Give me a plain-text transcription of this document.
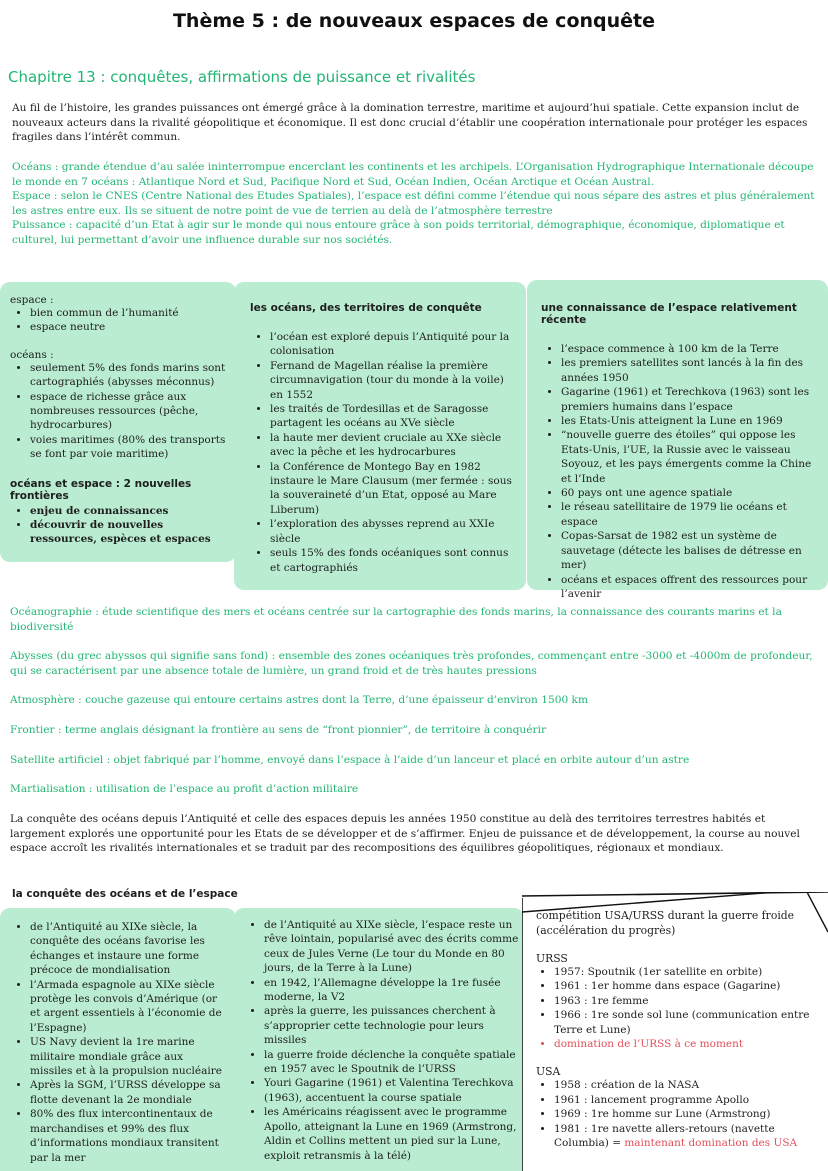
Thème 5 : de nouveaux espaces de conquête
Chapitre 13 : conquêtes, affirmations de puissance et rivalités
Au fil de l’histoire, les grandes puissances ont émergé grâce à la domination terrestre, maritime et aujourd’hui spatiale. Cette expansion inclut de nouveaux acteurs dans la rivalité géopolitique et économique. Il est donc crucial d’établir une coopération internationale pour protéger les espaces fragiles dans l’intérêt commun.
Océans : grande étendue d’au salée ininterrompue encerclant les continents et les archipels. L’Organisation Hydrographique Internationale découpe le monde en 7 océans : Atlantique Nord et Sud, Pacifique Nord et Sud, Océan Indien, Océan Arctique et Océan Austral.
Espace : selon le CNES (Centre National des Etudes Spatiales), l’espace est défini comme l’étendue qui nous sépare des astres et plus généralement les astres entre eux. Ils se situent de notre point de vue de terrien au delà de l’atmosphère terrestre
Puissance : capacité d’un Etat à agir sur le monde qui nous entoure grâce à son poids territorial, démographique, économique, diplomatique et culturel, lui permettant d’avoir une influence durable sur nos sociétés.
espace :
• bien commun de l’humanité
• espace neutre
océans :
• seulement 5% des fonds marins sont cartographiés (abysses méconnus)
• espace de richesse grâce aux nombreuses ressources (pêche, hydrocarbures)
• voies maritimes (80% des transports se font par voie maritime)
océans et espace : 2 nouvelles frontières
• enjeu de connaissances
• découvrir de nouvelles ressources, espèces et espaces
les océans, des territoires de conquête
• l’océan est exploré depuis l’Antiquité pour la colonisation
• Fernand de Magellan réalise la première circumnavigation (tour du monde à la voile) en 1552
• les traités de Tordesillas et de Saragosse partagent les océans au XVe siècle
• la haute mer devient cruciale au XXe siècle avec la pêche et les hydrocarbures
• la Conférence de Montego Bay en 1982 instaure le Mare Clausum (mer fermée : sous la souveraineté d’un Etat, opposé au Mare Liberum)
• l’exploration des abysses reprend au XXIe siècle
• seuls 15% des fonds océaniques sont connus et cartographiés
une connaissance de l’espace relativement récente
• l’espace commence à 100 km de la Terre
• les premiers satellites sont lancés à la fin des années 1950
• Gagarine (1961) et Terechkova (1963) sont les premiers humains dans l’espace
• les Etats-Unis atteignent la Lune en 1969
• “nouvelle guerre des étoiles” qui oppose les Etats-Unis, l’UE, la Russie avec le vaisseau Soyouz, et les pays émergents comme la Chine et l’Inde
• 60 pays ont une agence spatiale
• le réseau satellitaire de 1979 lie océans et espace
• Copas-Sarsat de 1982 est un système de sauvetage (détecte les balises de détresse en mer)
• océans et espaces offrent des ressources pour l’avenir
Océanographie : étude scientifique des mers et océans centrée sur la cartographie des fonds marins, la connaissance des courants marins et la biodiversité
Abysses (du grec abyssos qui signifie sans fond) : ensemble des zones océaniques très profondes, commençant entre -3000 et -4000m de profondeur, qui se caractérisent par une absence totale de lumière, un grand froid et de très hautes pressions
Atmosphère : couche gazeuse qui entoure certains astres dont la Terre, d’une épaisseur d’environ 1500 km
Frontier : terme anglais désignant la frontière au sens de “front pionnier”, de territoire à conquérir
Satellite artificiel : objet fabriqué par l’homme, envoyé dans l’espace à l’aide d’un lanceur et placé en orbite autour d’un astre
Martialisation : utilisation de l’espace au profit d’action militaire
La conquête des océans depuis l’Antiquité et celle des espaces depuis les années 1950 constitue au delà des territoires terrestres habités et largement explorés une opportunité pour les Etats de se développer et de s’affirmer. Enjeu de puissance et de développement, la course au nouvel espace accroît les rivalités internationales et se traduit par des recompositions des équilibres géopolitiques, régionaux et mondiaux.
la conquête des océans et de l’espace
• de l’Antiquité au XIXe siècle, la conquête des océans favorise les échanges et instaure une forme précoce de mondialisation
• l’Armada espagnole au XIXe siècle protège les convois d’Amérique (or et argent essentiels à l’économie de l’Espagne)
• US Navy devient la 1re marine militaire mondiale grâce aux missiles et à la propulsion nucléaire
• Après la SGM, l’URSS développe sa flotte devenant la 2e mondiale
• 80% des flux intercontinentaux de marchandises et 99% des flux d’informations mondiaux transitent par la mer
• de l’Antiquité au XIXe siècle, l’espace reste un rêve lointain, popularisé avec des écrits comme ceux de Jules Verne (Le tour du Monde en 80 jours, de la Terre à la Lune)
• en 1942, l’Allemagne développe la 1re fusée moderne, la V2
• après la guerre, les puissances cherchent à s’approprier cette technologie pour leurs missiles
• la guerre froide déclenche la conquête spatiale en 1957 avec le Spoutnik de l’URSS
• Youri Gagarine (1961) et Valentina Terechkova (1963), accentuent la course spatiale
• les Américains réagissent avec le programme Apollo, atteignant la Lune en 1969 (Armstrong, Aldin et Collins mettent un pied sur la Lune, exploit retransmis à la télé)
compétition USA/URSS durant la guerre froide (accélération du progrès)
URSS
• 1957: Spoutnik (1er satellite en orbite)
• 1961 : 1er homme dans espace (Gagarine)
• 1963 : 1re femme
• 1966 : 1re sonde sol lune (communication entre Terre et Lune)
• domination de l’URSS à ce moment
USA
• 1958 : création de la NASA
• 1961 : lancement programme Apollo
• 1969 : 1re homme sur Lune (Armstrong)
• 1981 : 1re navette allers-retours (navette Columbia) = maintenant domination des USA
